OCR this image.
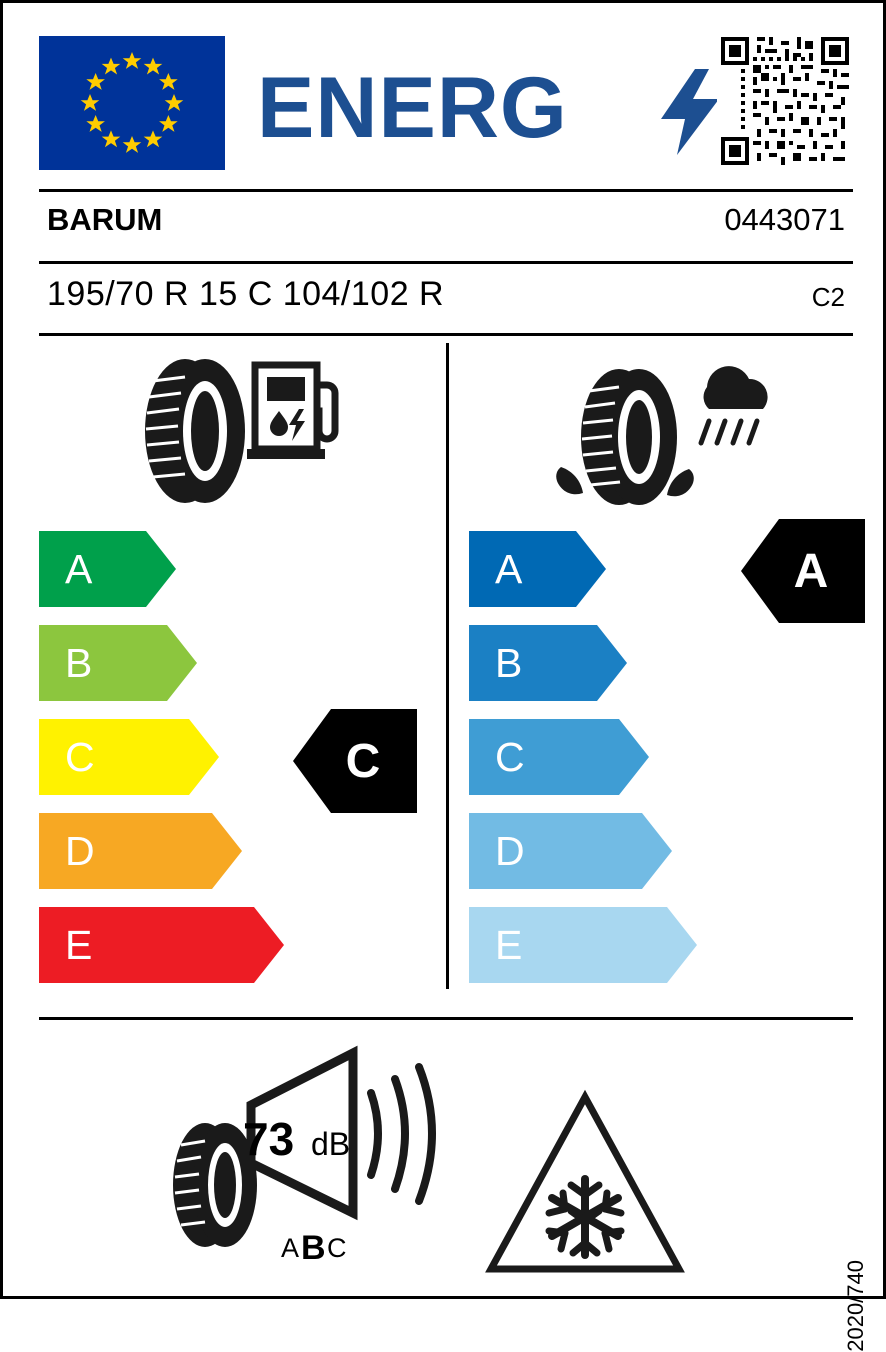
ENERG
BARUM	0443071
195/70 R 15 C 104/102 R	C2
A
B
C
D
E
A
B
C
D
E
C
A
73 dB
A B C
2020/740
